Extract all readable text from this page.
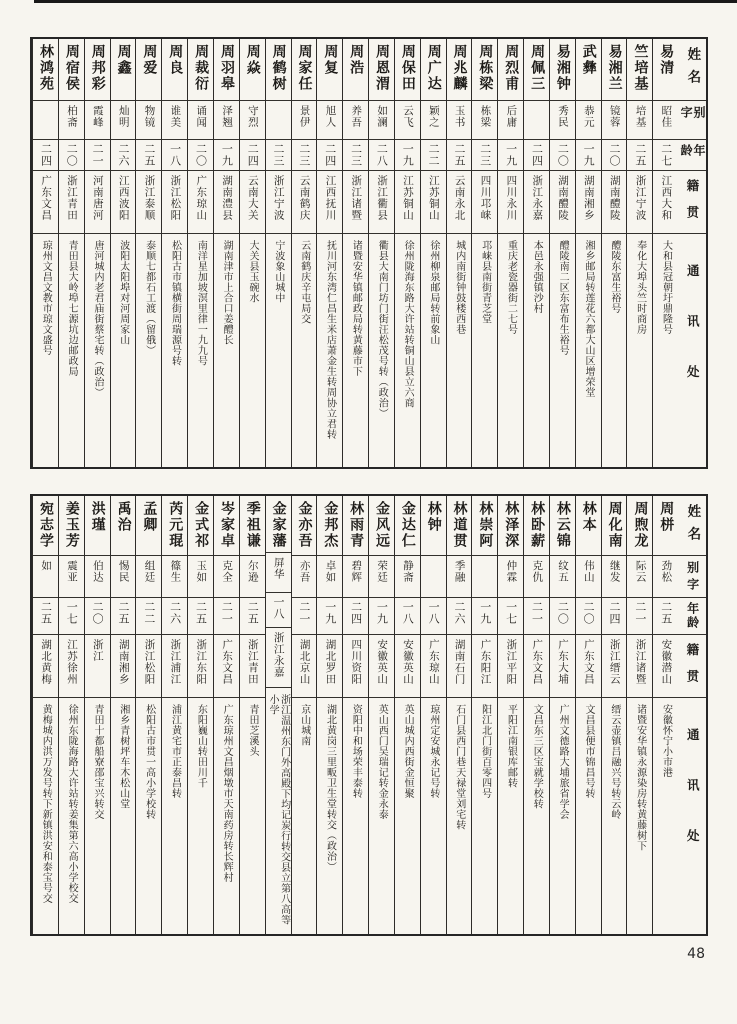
姓名
别字
年龄
籍贯
通讯处
易清
昭佳
二七
江西大和
大和县冠朝圩鼎隆号
竺培基
培基
二五
浙江宁波
奉化大埠头竺时商房
易湘兰
镜蓉
二〇
湖南醴陵
醴陵东富生裕号
武彝
恭元
一九
湖南湘乡
湘乡邮局转莲花六都大山区增荣堂
易湘钟
秀民
二〇
湖南醴陵
醴陵南二区东富布生裕号
周佩三
二四
浙江永嘉
本邑永强镇沙村
周烈甫
后庸
一九
四川永川
重庆老瓷器街二七号
周栋梁
栋梁
二三
四川邛崃
邛崃县南街青芝堂
周兆麟
玉书
二五
云南永北
城内南街钟鼓楼西巷
周广达
颖之
二二
江苏铜山
徐州柳泉邮局转前象山
周保田
云飞
一九
江苏铜山
徐州陇海东路大许站转铜山县立六商
周恩渭
如澜
二八
浙江衢县
衢县大南门坊门街汪松茂号转（政治）
周浩
养吾
二三
浙江诸暨
诸暨安华镇邮政局转黄藤市下
周复
旭人
二四
江西抚川
抚川河东湾仁昌生米店萧金生转周协立君转
周家任
景伊
二三
云南鹤庆
云南鹤庆辛屯局交
周鹤树
二三
浙江宁波
宁波象山城中
周焱
守烈
二四
云南大关
大关县玉碗水
周羽皋
泽翘
一九
湖南澧县
湖南津市上合口姜醴长
周裁衍
诵闻
二〇
广东琼山
南洋星加坡溟里律一九九号
周良
谁美
一八
浙江松阳
松阳古市镇横街周瑞源号转
周爱
物镜
二五
浙江泰顺
泰顺七都石工渡（留俄）
周鑫
灿明
二六
江西波阳
波阳太阳埠对河周家山
周邦彩
霞峰
二一
河南唐河
唐河城内老君庙街蔡宅转（政治）
周宿侯
柏斋
二〇
浙江青田
青田县大岭埠七源坑边邮政局
林鸿苑
二四
广东文昌
琼州文昌文教市琼文盛号
姓名
别字
年龄
籍贯
通讯处
周栟
劲松
二五
安徽潜山
安徽怀宁小市港
周煦龙
际云
二一
浙江诸暨
诸暨安华镇永源染房转黄藤树下
周化南
继发
二四
浙江缙云
缙云壶镇吕融兴号转云岭
林本
伟山
二〇
广东文昌
文昌县便市锦昌号转
林云锦
纹五
二〇
广东大埔
广州文德路大埔旅省学会
林卧薪
克仇
二一
广东文昌
文昌东三区宝就学校转
林泽深
仲霖
一七
浙江平阳
平阳江南银库邮转
林崇阿
一九
广东阳江
阳江北门街百零四号
林道贯
季融
二六
湖南石门
石门县西门巷天禄堂刘宅转
林钟
一八
广东琼山
琼州定安城永记号转
金达仁
静斋
一八
安徽英山
英山城内西街金恒聚
金风远
荣廷
一九
安徽英山
英山西门吴瑞记转金永泰
林雨青
碧辉
二四
四川资阳
资阳中和场荣丰泰转
金邦杰
卓如
一九
湖北罗田
湖北黄岗三里畈卫生堂转交（政治）
金亦吾
亦吾
二一
湖北京山
京山城南
金家藩
屏华
一八
浙江永嘉
浙江温州东门外高殿下均记炭行转交县立第八高等小学
季祖谦
尔逊
二五
浙江青田
青田芝溪头
岑家卓
克全
二一
广东文昌
广东琼州文昌烟墩市天南药房转长辉村
金式祁
玉如
二五
浙江东阳
东阳巍山转田川千
芮元琨
篠生
二六
浙江浦江
浦江黄宅市正泰昌转
孟卿
组廷
二二
浙江松阳
松阳古市贯一高小学校转
禹治
惕民
二五
湖南湘乡
湘乡青树坪车木松山堂
洪瑾
伯达
二〇
浙江
青田十都船寮邵宝兴转交
姜玉芳
震亚
一七
江苏徐州
徐州东陇海路大许站转姜集第六高小学校交
宛志学
如
二五
湖北黄梅
黄梅城内洪万发号转下新镇洪安和泰宝号交
48
